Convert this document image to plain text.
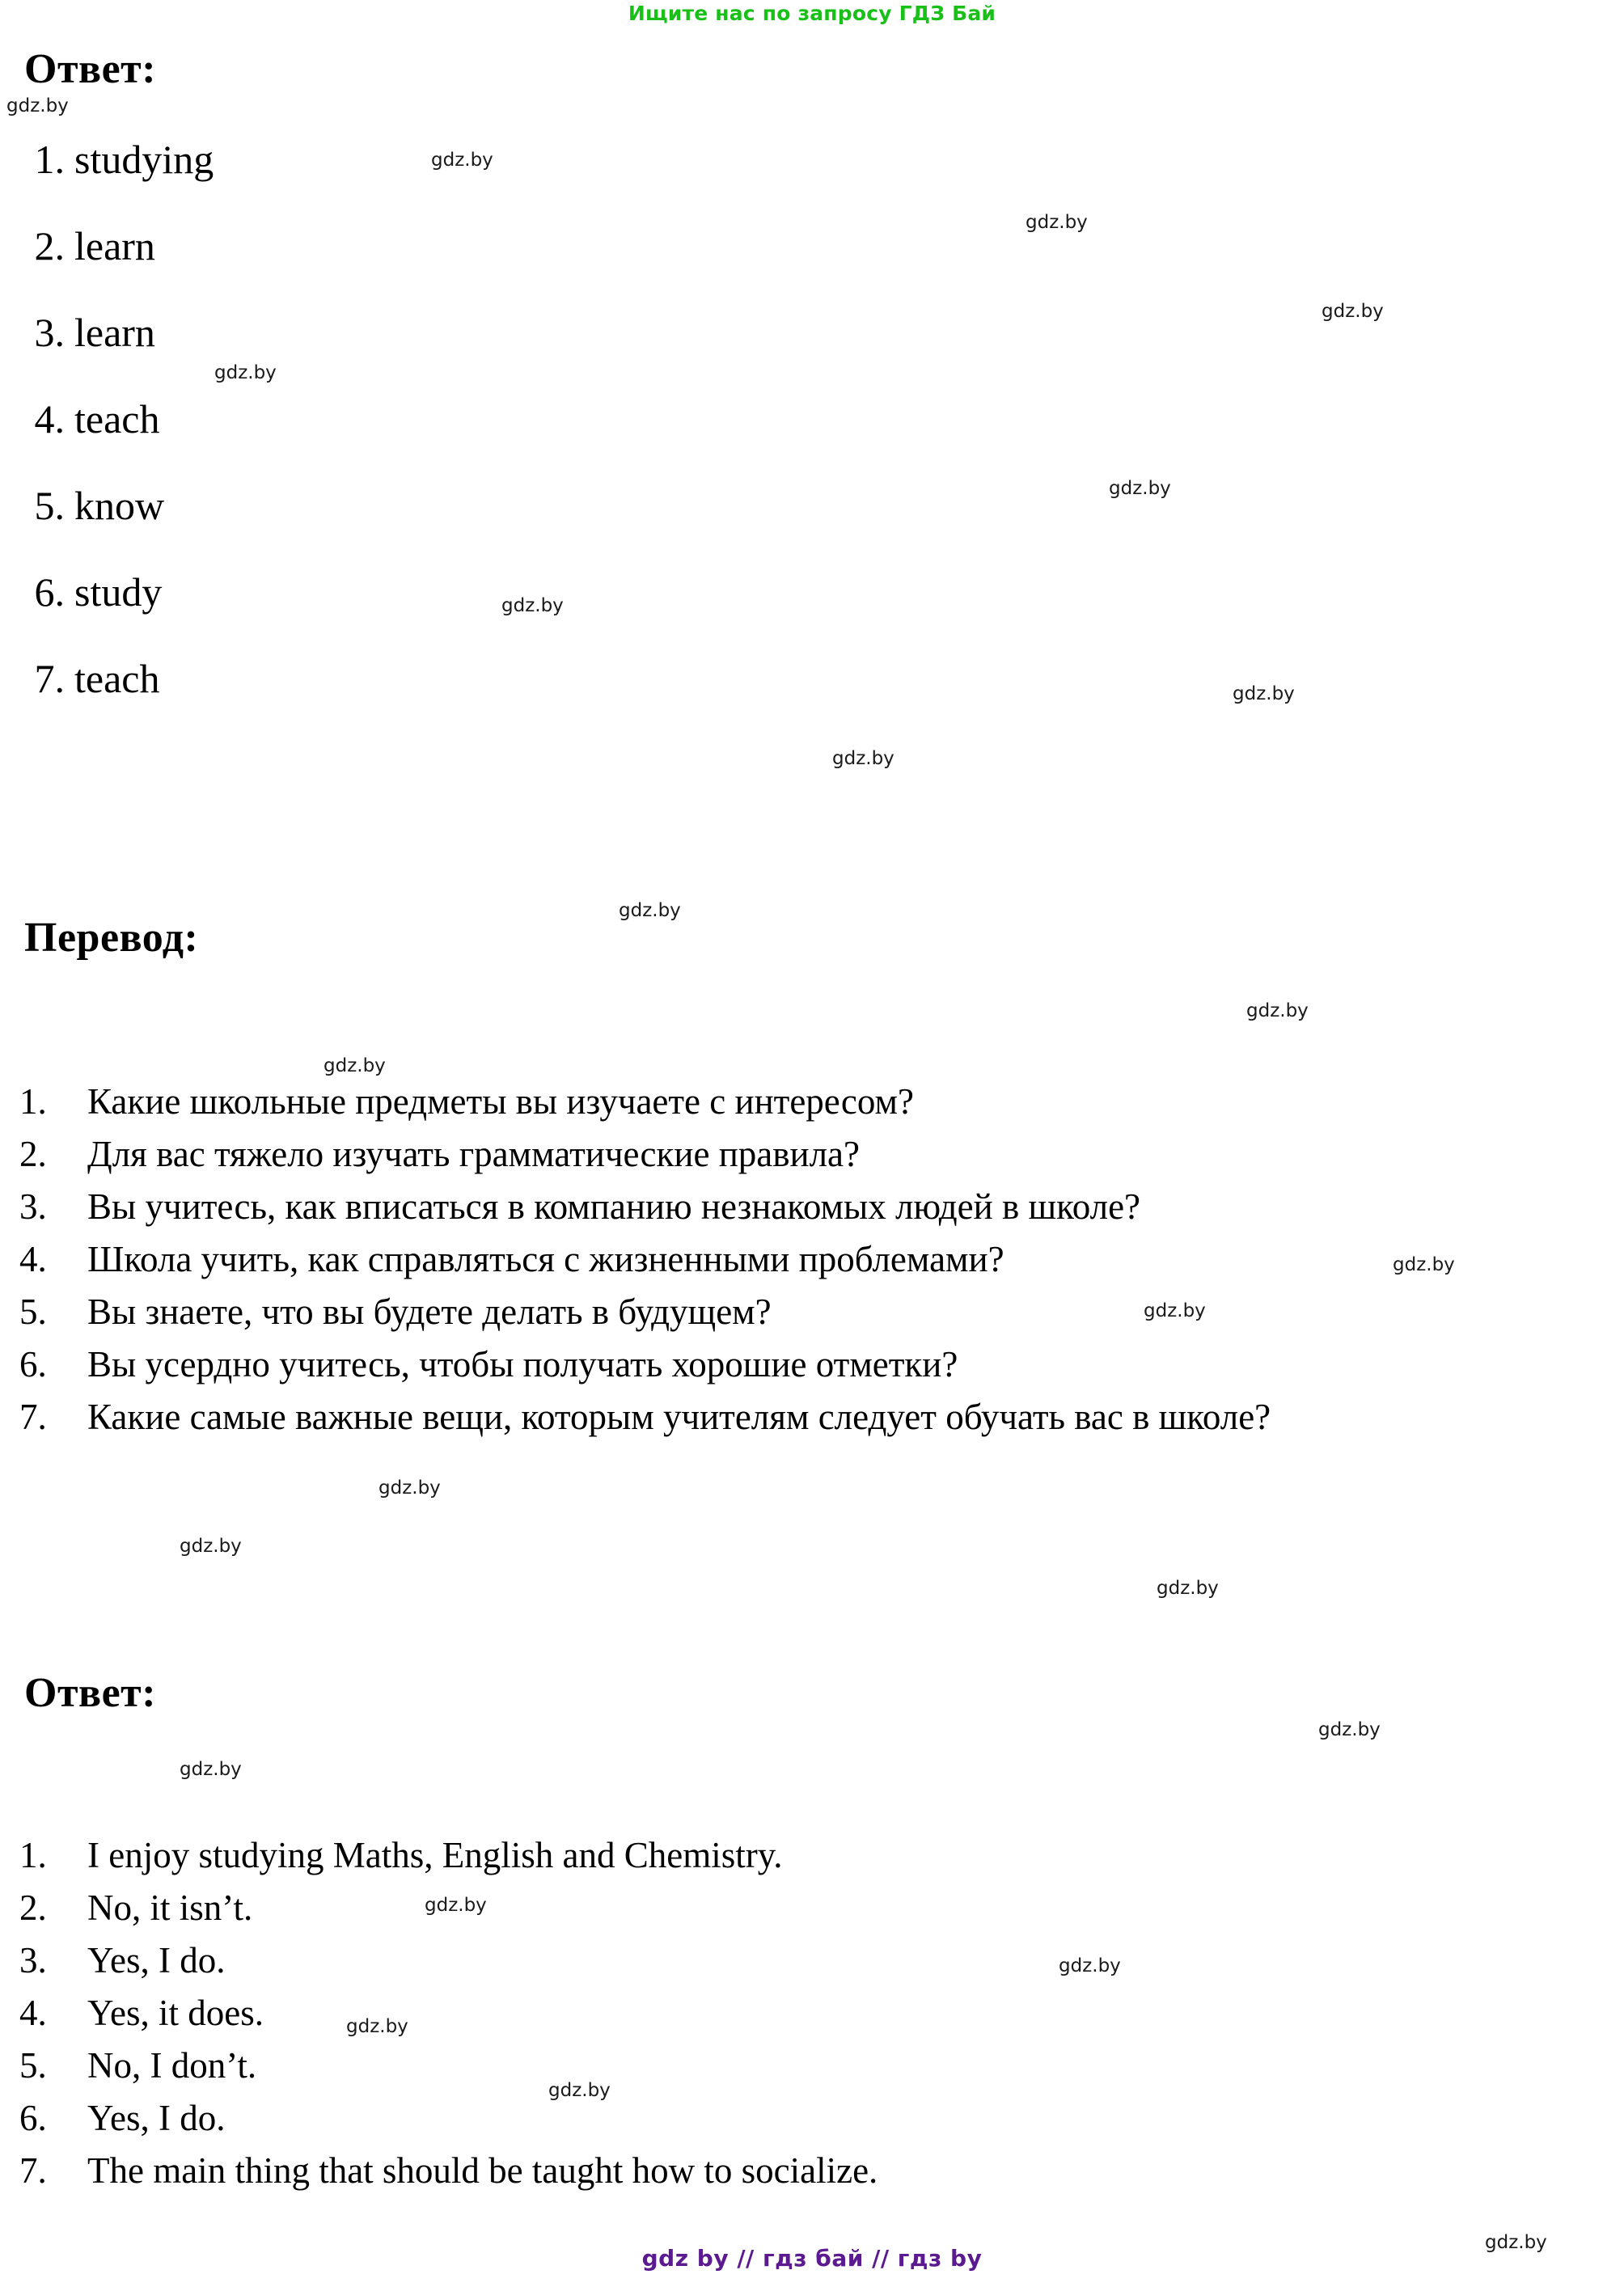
Ищите нас по запросу ГДЗ Бай
Ответ:
1. studying
2. learn
3. learn
4. teach
5. know
6. study
7. teach
Перевод:
1.	Какие школьные предметы вы изучаете с интересом?
2.	Для вас тяжело изучать грамматические правила?
3.	Вы учитесь, как вписаться в компанию незнакомых людей в школе?
4.	Школа учить, как справляться с жизненными проблемами?
5.	Вы знаете, что вы будете делать в будущем?
6.	Вы усердно учитесь, чтобы получать хорошие отметки?
7.	Какие самые важные вещи, которым учителям следует обучать вас в школе?
Ответ:
1.	I enjoy studying Maths, English and Chemistry.
2.	No, it isn’t.
3.	Yes, I do.
4.	Yes, it does.
5.	No, I don’t.
6.	Yes, I do.
7.	The main thing that should be taught how to socialize.
gdz.by
gdz.by
gdz.by
gdz.by
gdz.by
gdz.by
gdz.by
gdz.by
gdz.by
gdz.by
gdz.by
gdz.by
gdz.by
gdz.by
gdz.by
gdz.by
gdz.by
gdz.by
gdz.by
gdz.by
gdz.by
gdz.by
gdz.by
gdz.by
gdz by // гдз бай // гдз by
